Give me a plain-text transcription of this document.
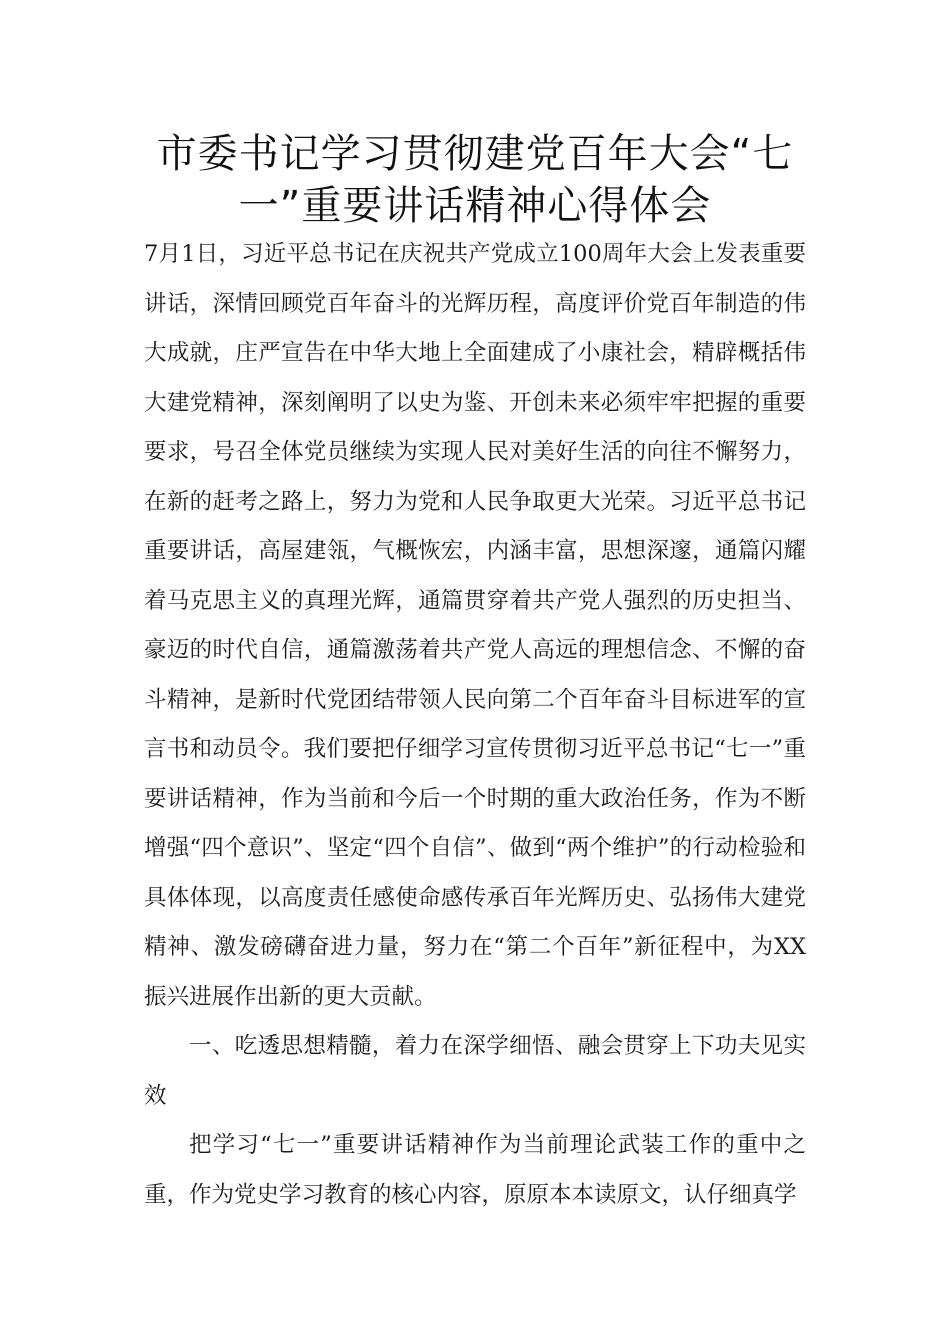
市委书记学习贯彻建党百年大会“七一”重要讲话精神心得体会

7月1日，习近平总书记在庆祝共产党成立100周年大会上发表重要讲话，深情回顾党百年奋斗的光辉历程，高度评价党百年制造的伟大成就，庄严宣告在中华大地上全面建成了小康社会，精辟概括伟大建党精神，深刻阐明了以史为鉴、开创未来必须牢牢把握的重要要求，号召全体党员继续为实现人民对美好生活的向往不懈努力，在新的赶考之路上，努力为党和人民争取更大光荣。习近平总书记重要讲话，高屋建瓴，气概恢宏，内涵丰富，思想深邃，通篇闪耀着马克思主义的真理光辉，通篇贯穿着共产党人强烈的历史担当、豪迈的时代自信，通篇激荡着共产党人高远的理想信念、不懈的奋斗精神，是新时代党团结带领人民向第二个百年奋斗目标进军的宣言书和动员令。我们要把仔细学习宣传贯彻习近平总书记“七一”重要讲话精神，作为当前和今后一个时期的重大政治任务，作为不断增强“四个意识”、坚定“四个自信”、做到“两个维护”的行动检验和具体体现，以高度责任感使命感传承百年光辉历史、弘扬伟大建党精神、激发磅礴奋进力量，努力在“第二个百年”新征程中，为XX振兴进展作出新的更大贡献。

一、吃透思想精髓，着力在深学细悟、融会贯穿上下功夫见实效

把学习“七一”重要讲话精神作为当前理论武装工作的重中之重，作为党史学习教育的核心内容，原原本本读原文，认仔细真学
